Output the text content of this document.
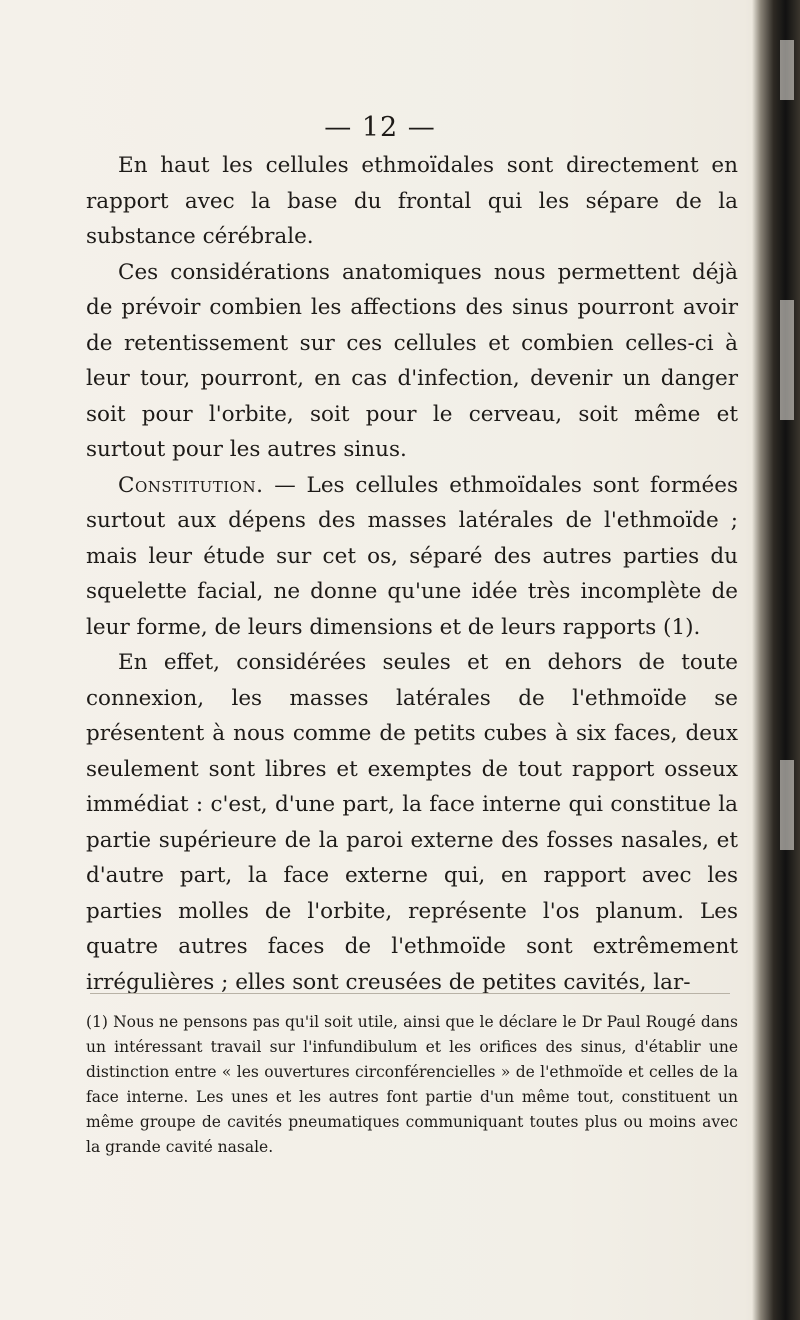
— 12 —

En haut les cellules ethmoïdales sont directement en rapport avec la base du frontal qui les sépare de la substance cérébrale.

Ces considérations anatomiques nous permettent déjà de prévoir combien les affections des sinus pourront avoir de retentissement sur ces cellules et combien celles-ci à leur tour, pourront, en cas d'infection, devenir un danger soit pour l'orbite, soit pour le cerveau, soit même et surtout pour les autres sinus.

Constitution. — Les cellules ethmoïdales sont formées surtout aux dépens des masses latérales de l'ethmoïde ; mais leur étude sur cet os, séparé des autres parties du squelette facial, ne donne qu'une idée très incomplète de leur forme, de leurs dimensions et de leurs rapports (1).

En effet, considérées seules et en dehors de toute connexion, les masses latérales de l'ethmoïde se présentent à nous comme de petits cubes à six faces, deux seulement sont libres et exemptes de tout rapport osseux immédiat : c'est, d'une part, la face interne qui constitue la partie supérieure de la paroi externe des fosses nasales, et d'autre part, la face externe qui, en rapport avec les parties molles de l'orbite, représente l'os planum. Les quatre autres faces de l'ethmoïde sont extrêmement irrégulières ; elles sont creusées de petites cavités, lar-

(1) Nous ne pensons pas qu'il soit utile, ainsi que le déclare le Dr Paul Rougé dans un intéressant travail sur l'infundibulum et les orifices des sinus, d'établir une distinction entre « les ouvertures circonférencielles » de l'ethmoïde et celles de la face interne. Les unes et les autres font partie d'un même tout, constituent un même groupe de cavités pneumatiques communiquant toutes plus ou moins avec la grande cavité nasale.
